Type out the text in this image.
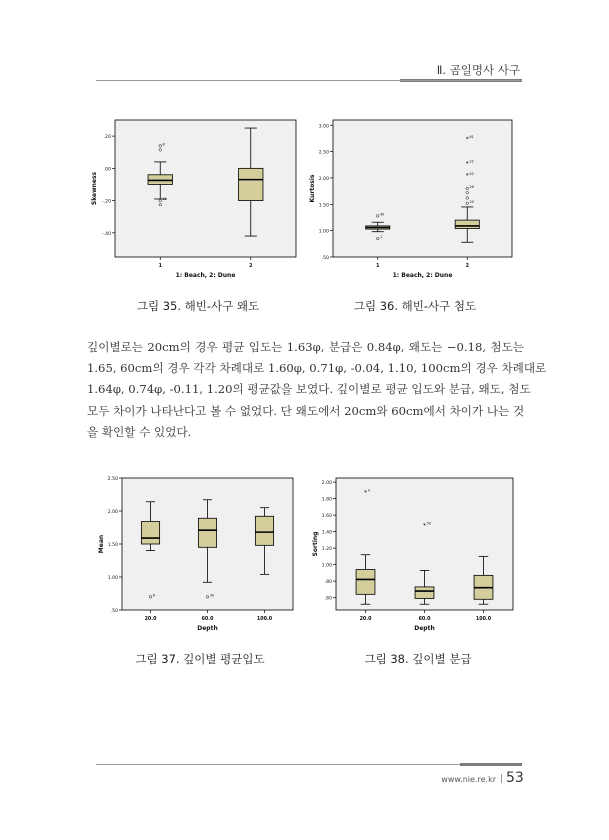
Ⅱ. 곰일명사 사구
.20
.00
-.20
-.40
1	2
1: Beach, 2: Dune
Skewness
8
18
3.00
2.50
2.00
1.50
1.00
.50
1	2
1: Beach, 2: Dune
Kurtosis
40
1
* 61
* 22
* 42
26
20
2.50
2.00
1.50
1.00
.50
20.0	60.0	100.0
Depth
Mean
6	30
2.00
1.80
1.60
1.40
1.20
1.00
.80
.60
20.0	60.0	100.0
Depth
Sorting
* 9
* 50
그림 35. 해빈-사구 왜도	그림 36. 해빈-사구 첨도
그림 37. 깊이별 평균입도	그림 38. 깊이별 분급
깊이별로는 20cm의 경우 평균 입도는 1.63φ, 분급은 0.84φ, 왜도는 −0.18, 첨도는
1.65, 60cm의 경우 각각 차례대로 1.60φ, 0.71φ, -0.04, 1.10, 100cm의 경우 차례대로
1.64φ, 0.74φ, -0.11, 1.20의 평균값을 보였다. 깊이별로 평균 입도와 분급, 왜도, 첨도
모두 차이가 나타난다고 볼 수 없었다. 단 왜도에서 20cm와 60cm에서 차이가 나는 것
을 확인할 수 있었다.
www.nie.re.kr | 53
